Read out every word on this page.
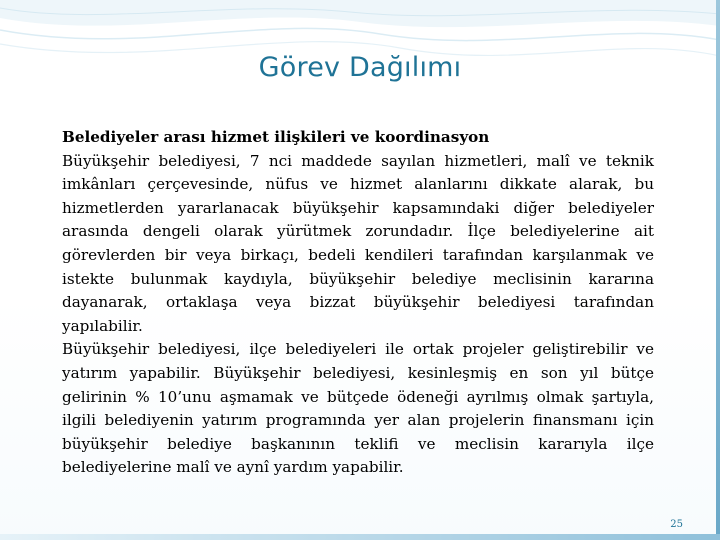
Görev Dağılımı

Belediyeler arası hizmet ilişkileri ve koordinasyon

Büyükşehir belediyesi, 7 nci maddede sayılan hizmetleri, malî ve teknik imkânları çerçevesinde, nüfus ve hizmet alanlarını dikkate alarak, bu hizmetlerden yararlanacak büyükşehir kapsamındaki diğer belediyeler arasında dengeli olarak yürütmek zorundadır. İlçe belediyelerine ait görevlerden bir veya birkaçı, bedeli kendileri tarafından karşılanmak ve istekte bulunmak kaydıyla, büyükşehir belediye meclisinin kararına dayanarak, ortaklaşa veya bizzat büyükşehir belediyesi tarafından yapılabilir.

Büyükşehir belediyesi, ilçe belediyeleri ile ortak projeler geliştirebilir ve yatırım yapabilir. Büyükşehir belediyesi, kesinleşmiş en son yıl bütçe gelirinin % 10’unu aşmamak ve bütçede ödeneği ayrılmış olmak şartıyla, ilgili belediyenin yatırım programında yer alan projelerin finansmanı için büyükşehir belediye başkanının teklifi ve meclisin kararıyla ilçe belediyelerine malî ve aynî yardım yapabilir.

25
